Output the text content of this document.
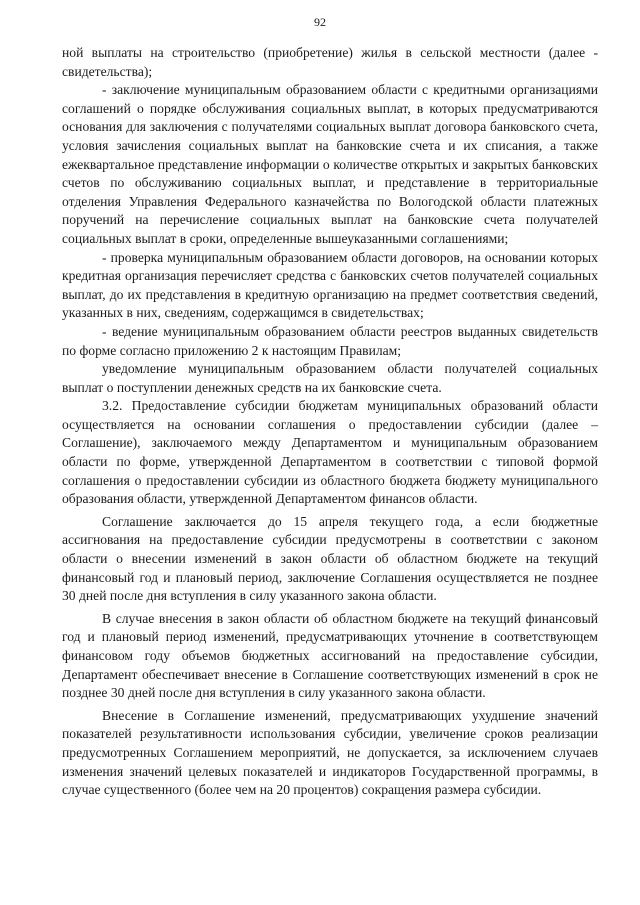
92

ной выплаты на строительство (приобретение) жилья в сельской местности (далее - свидетельства);

- заключение муниципальным образованием области с кредитными организациями соглашений о порядке обслуживания социальных выплат, в которых предусматриваются основания для заключения с получателями социальных выплат договора банковского счета, условия зачисления социальных выплат на банковские счета и их списания, а также ежеквартальное представление информации о количестве открытых и закрытых банковских счетов по обслуживанию социальных выплат, и представление в территориальные отделения Управления Федерального казначейства по Вологодской области платежных поручений на перечисление социальных выплат на банковские счета получателей социальных выплат в сроки, определенные вышеуказанными соглашениями;

- проверка муниципальным образованием области договоров, на основании которых кредитная организация перечисляет средства с банковских счетов получателей социальных выплат, до их представления в кредитную организацию на предмет соответствия сведений, указанных в них, сведениям, содержащимся в свидетельствах;

- ведение муниципальным образованием области реестров выданных свидетельств по форме согласно приложению 2 к настоящим Правилам;

уведомление муниципальным образованием области получателей социальных выплат о поступлении денежных средств на их банковские счета.

3.2. Предоставление субсидии бюджетам муниципальных образований области осуществляется на основании соглашения о предоставлении субсидии (далее – Соглашение), заключаемого между Департаментом и муниципальным образованием области по форме, утвержденной Департаментом в соответствии с типовой формой соглашения о предоставлении субсидии из областного бюджета бюджету муниципального образования области, утвержденной Департаментом финансов области.

Соглашение заключается до 15 апреля текущего года, а если бюджетные ассигнования на предоставление субсидии предусмотрены в соответствии с законом области о внесении изменений в закон области об областном бюджете на текущий финансовый год и плановый период, заключение Соглашения осуществляется не позднее 30 дней после дня вступления в силу указанного закона области.

В случае внесения в закон области об областном бюджете на текущий финансовый год и плановый период изменений, предусматривающих уточнение в соответствующем финансовом году объемов бюджетных ассигнований на предоставление субсидии, Департамент обеспечивает внесение в Соглашение соответствующих изменений в срок не позднее 30 дней после дня вступления в силу указанного закона области.

Внесение в Соглашение изменений, предусматривающих ухудшение значений показателей результативности использования субсидии, увеличение сроков реализации предусмотренных Соглашением мероприятий, не допускается, за исключением случаев изменения значений целевых показателей и индикаторов Государственной программы, в случае существенного (более чем на 20 процентов) сокращения размера субсидии.
